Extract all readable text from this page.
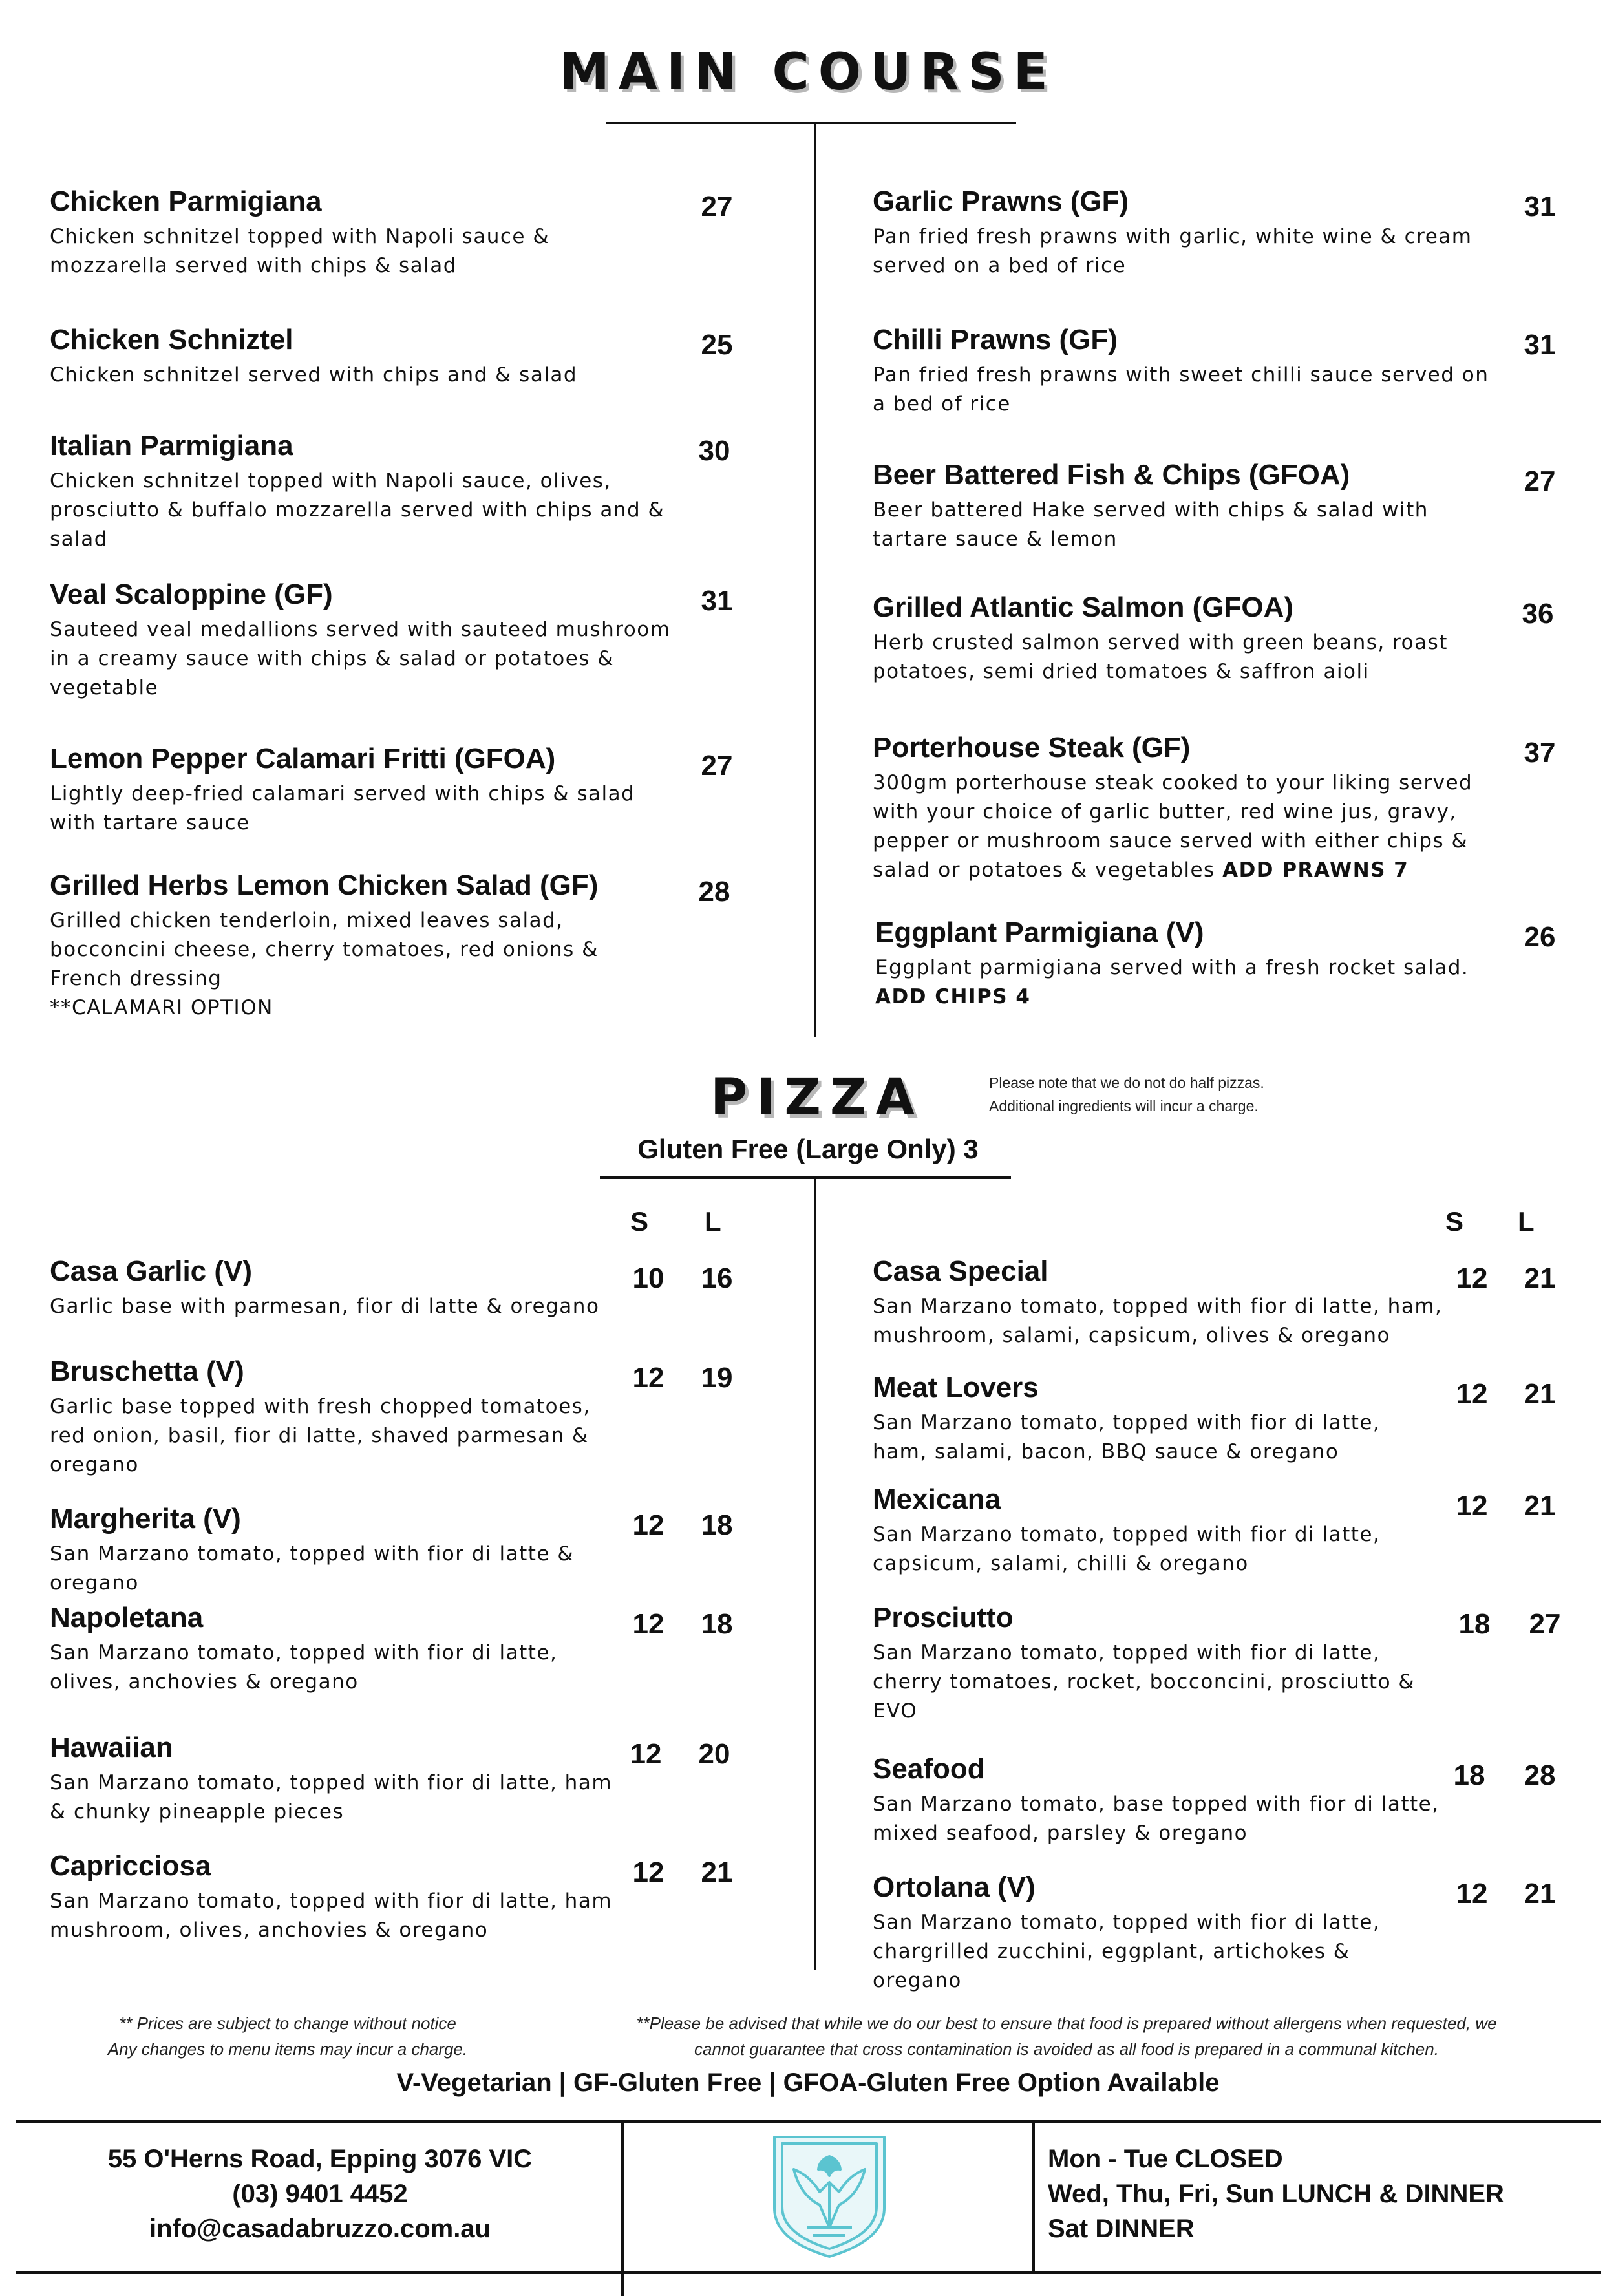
MAIN COURSE
Chicken Parmigiana
Chicken schnitzel topped with Napoli sauce &
mozzarella served with chips & salad
27
Chicken Schniztel
Chicken schnitzel served with chips and & salad
25
Italian Parmigiana
Chicken schnitzel topped with Napoli sauce, olives,
prosciutto & buffalo mozzarella served with chips and &
salad
30
Veal Scaloppine (GF)
Sauteed veal medallions served with sauteed mushroom
in a creamy sauce with chips & salad or potatoes &
vegetable
31
Lemon Pepper Calamari Fritti (GFOA)
Lightly deep-fried calamari served with chips & salad
with tartare sauce
27
Grilled Herbs Lemon Chicken Salad (GF)
Grilled chicken tenderloin, mixed leaves salad,
bocconcini cheese, cherry tomatoes, red onions &
French dressing
**CALAMARI OPTION
28
Garlic Prawns (GF)
Pan fried fresh prawns with garlic, white wine & cream
served on a bed of rice
31
Chilli Prawns (GF)
Pan fried fresh prawns with sweet chilli sauce served on
a bed of rice
31
Beer Battered Fish & Chips (GFOA)
Beer battered Hake served with chips & salad with
tartare sauce & lemon
27
Grilled Atlantic Salmon (GFOA)
Herb crusted salmon served with green beans, roast
potatoes, semi dried tomatoes & saffron aioli
36
Porterhouse Steak (GF)
300gm porterhouse steak cooked to your liking served
with your choice of garlic butter, red wine jus, gravy,
pepper or mushroom sauce served with either chips &
salad or potatoes & vegetables ADD PRAWNS 7
37
Eggplant Parmigiana (V)
Eggplant parmigiana served with a fresh rocket salad.
ADD CHIPS 4
26
PIZZA	Please note that we do not do half pizzas.
Additional ingredients will incur a charge.
Gluten Free (Large Only) 3
S L	S L
Casa Garlic (V)
Garlic base with parmesan, fior di latte & oregano
10	16
Bruschetta (V)
Garlic base topped with fresh chopped tomatoes,
red onion, basil, fior di latte, shaved parmesan &
oregano
12	19
Margherita (V)
San Marzano tomato, topped with fior di latte &
oregano
12	18
Napoletana
San Marzano tomato, topped with fior di latte,
olives, anchovies & oregano
12	18
Hawaiian
San Marzano tomato, topped with fior di latte, ham
& chunky pineapple pieces
12	20
Capricciosa
San Marzano tomato, topped with fior di latte, ham
mushroom, olives, anchovies & oregano
12	21
Casa Special
San Marzano tomato, topped with fior di latte, ham,
mushroom, salami, capsicum, olives & oregano
12	21
Meat Lovers
San Marzano tomato, topped with fior di latte,
ham, salami, bacon, BBQ sauce & oregano
12	21
Mexicana
San Marzano tomato, topped with fior di latte,
capsicum, salami, chilli & oregano
12	21
Prosciutto
San Marzano tomato, topped with fior di latte,
cherry tomatoes, rocket, bocconcini, prosciutto &
EVO
18	27
Seafood
San Marzano tomato, base topped with fior di latte,
mixed seafood, parsley & oregano
18	28
Ortolana (V)
San Marzano tomato, topped with fior di latte,
chargrilled zucchini, eggplant, artichokes &
oregano
12	21
** Prices are subject to change without notice
Any changes to menu items may incur a charge.
**Please be advised that while we do our best to ensure that food is prepared without allergens when requested, we
cannot guarantee that cross contamination is avoided as all food is prepared in a communal kitchen.
V-Vegetarian | GF-Gluten Free | GFOA-Gluten Free Option Available
55 O'Herns Road, Epping 3076 VIC
(03) 9401 4452
info@casadabruzzo.com.au
Mon - Tue CLOSED
Wed, Thu, Fri, Sun LUNCH & DINNER
Sat DINNER
